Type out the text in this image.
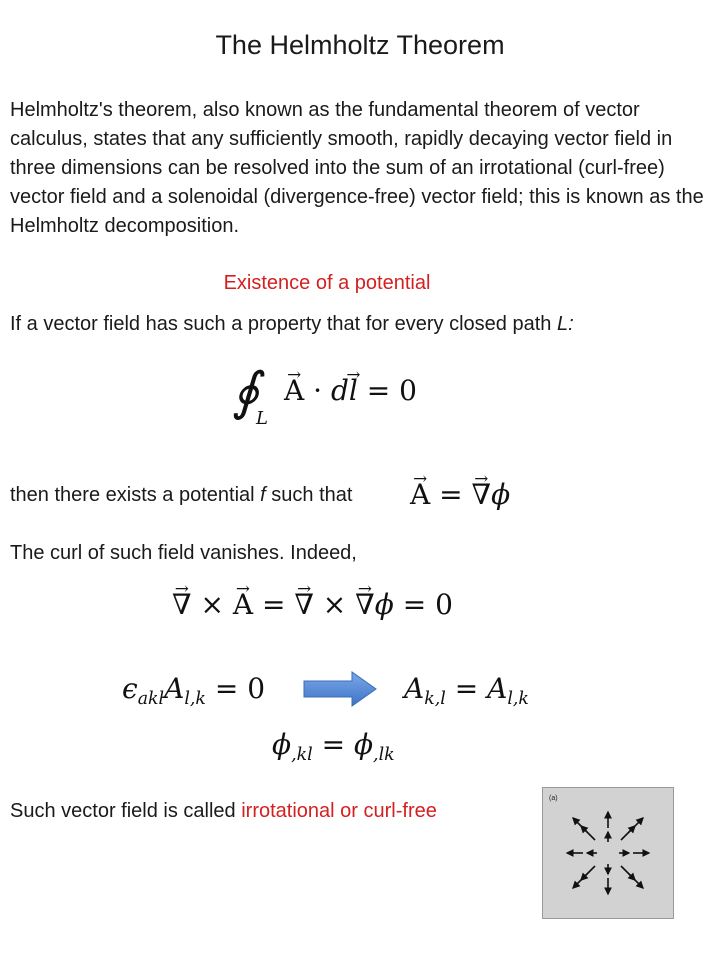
The Helmholtz Theorem
Helmholtz's theorem, also known as the fundamental theorem of vector calculus, states that any sufficiently smooth, rapidly decaying vector field in three dimensions can be resolved into the sum of an irrotational (curl-free) vector field and a solenoidal (divergence-free) vector field; this is known as the Helmholtz decomposition.
Existence of a potential
If a vector field has such a property that for every closed path L:
∮
L
→ A · d→ l = 0
then there exists a potential f such that
→ A = → ∇ϕ
The curl of such field vanishes. Indeed,
→ ∇ × → A = → ∇ × → ∇ϕ = 0
$\epsilon_{akl}A_{l,k} = 0$	$A_{k,l} = A_{l,k}$
$\phi_{,kl} = \phi_{,lk}$
Such vector field is called irrotational or curl-free
(a)
